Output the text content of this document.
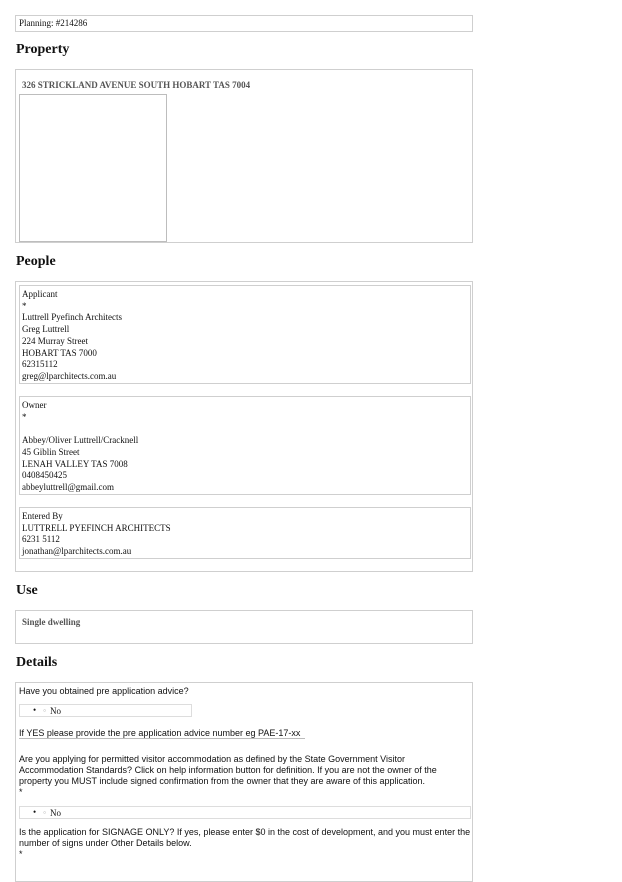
Planning: #214286
Property
326 STRICKLAND AVENUE SOUTH HOBART TAS 7004
People
Applicant
*
Luttrell Pyefinch Architects
Greg Luttrell
224 Murray Street
HOBART TAS 7000
62315112
greg@lparchitects.com.au
Owner
*
Abbey/Oliver Luttrell/Cracknell
45 Giblin Street
LENAH VALLEY TAS 7008
0408450425
abbeyluttrell@gmail.com
Entered By
LUTTRELL PYEFINCH ARCHITECTS
6231 5112
jonathan@lparchitects.com.au
Use
Single dwelling
Details
Have you obtained pre application advice?
• ○ No
If YES please provide the pre application advice number eg PAE-17-xx
Are you applying for permitted visitor accommodation as defined by the State Government Visitor
Accommodation Standards? Click on help information button for definition. If you are not the owner of the
property you MUST include signed confirmation from the owner that they are aware of this application.
*
• ○ No
Is the application for SIGNAGE ONLY? If yes, please enter $0 in the cost of development, and you must enter the
number of signs under Other Details below.
*
